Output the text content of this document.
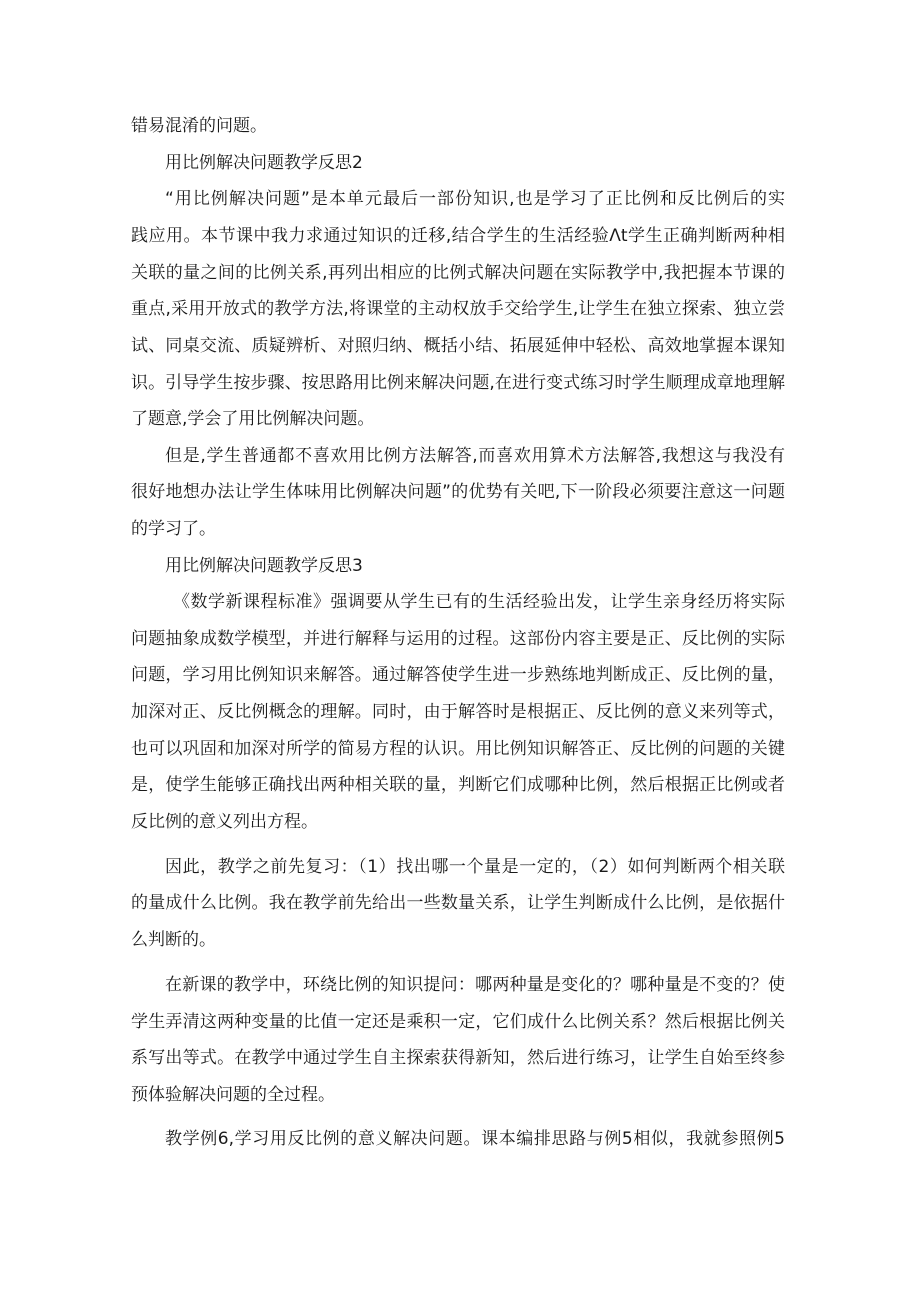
错易混淆的问题。

用比例解决问题教学反思2

“用比例解决问题”是本单元最后一部份知识,也是学习了正比例和反比例后的实

践应用。本节课中我力求通过知识的迁移,结合学生的生活经验Λt学生正确判断两种相

关联的量之间的比例关系,再列出相应的比例式解决问题在实际教学中,我把握本节课的

重点,采用开放式的教学方法,将课堂的主动权放手交给学生,让学生在独立探索、独立尝

试、同桌交流、质疑辨析、对照归纳、概括小结、拓展延伸中轻松、高效地掌握本课知

识。引导学生按步骤、按思路用比例来解决问题,在进行变式练习时学生顺理成章地理解

了题意,学会了用比例解决问题。

但是,学生普通都不喜欢用比例方法解答,而喜欢用算术方法解答,我想这与我没有

很好地想办法让学生体味用比例解决问题”的优势有关吧,下一阶段必须要注意这一问题

的学习了。

用比例解决问题教学反思3

《数学新课程标准》强调要从学生已有的生活经验出发，让学生亲身经历将实际

问题抽象成数学模型，并进行解释与运用的过程。这部份内容主要是正、反比例的实际

问题，学习用比例知识来解答。通过解答使学生进一步熟练地判断成正、反比例的量，

加深对正、反比例概念的理解。同时，由于解答时是根据正、反比例的意义来列等式，

也可以巩固和加深对所学的简易方程的认识。用比例知识解答正、反比例的问题的关键

是，使学生能够正确找出两种相关联的量，判断它们成哪种比例，然后根据正比例或者

反比例的意义列出方程。

因此，教学之前先复习：（1）找出哪一个量是一定的，（2）如何判断两个相关联

的量成什么比例。我在教学前先给出一些数量关系，让学生判断成什么比例，是依据什

么判断的。

在新课的教学中，环绕比例的知识提问：哪两种量是变化的？哪种量是不变的？使

学生弄清这两种变量的比值一定还是乘积一定，它们成什么比例关系？然后根据比例关

系写出等式。在教学中通过学生自主探索获得新知，然后进行练习，让学生自始至终参

预体验解决问题的全过程。

教学例6,学习用反比例的意义解决问题。课本编排思路与例5相似，我就参照例5
